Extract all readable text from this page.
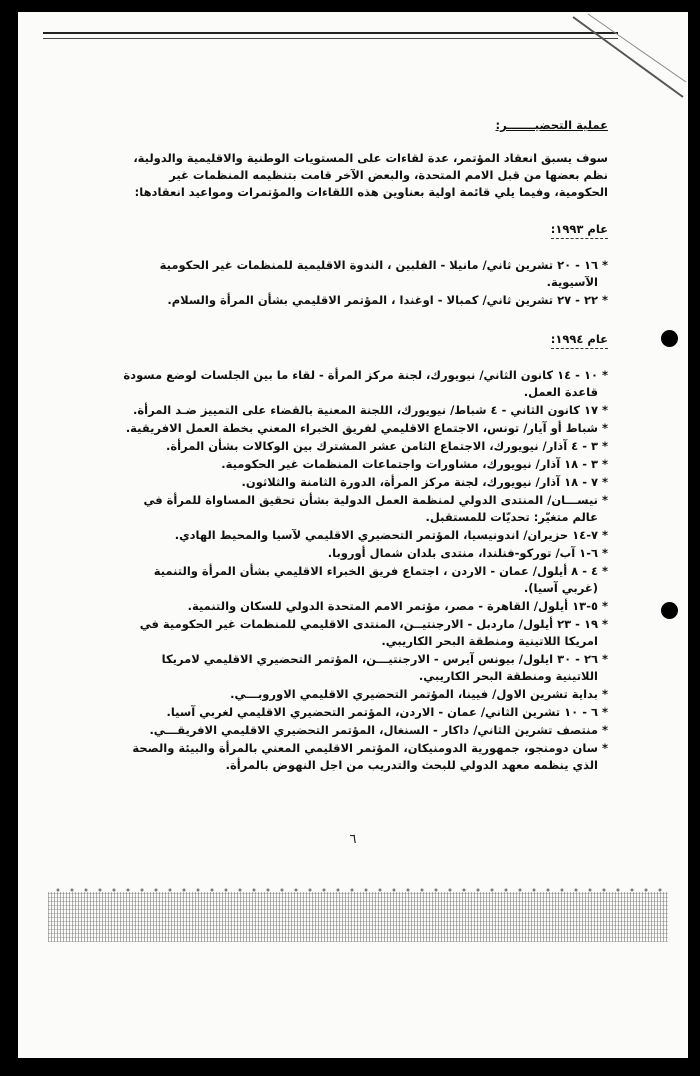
عملية التحضيـــــــر:

سوف يسبق انعقاد المؤتمر، عدة لقاءات على المستويات الوطنية والاقليمية والدولية، نظم بعضها من قبل الامم المتحدة، والبعض الآخر قامت بتنظيمه المنظمات غير الحكومية، وفيما يلي قائمة اولية بعناوين هذه اللقاءات والمؤتمرات ومواعيد انعقادها:

عام ١٩٩٣:
* ١٦ - ٢٠ تشرين ثاني/ مانيلا - الفلبين ، الندوة الاقليمية للمنظمات غير الحكومية الآسيوية.
* ٢٢ - ٢٧ تشرين ثاني/ كمبالا - اوغندا ، المؤتمر الاقليمي بشأن المرأة والسلام.
عام ١٩٩٤:
* ١٠ - ١٤ كانون الثاني/ نيويورك، لجنة مركز المرأة - لقاء ما بين الجلسات لوضع مسودة قاعدة العمل.
* ١٧ كانون الثاني - ٤ شباط/ نيويورك، اللجنة المعنية بالقضاء على التمييز ضـد المرأة.
* شباط أو آيار/ تونس، الاجتماع الاقليمي لفريق الخبراء المعني بخطة العمل الافريقية.
* ٣ - ٤ آذار/ نيويورك، الاجتماع الثامن عشر المشترك بين الوكالات بشأن المرأة.
* ٣ - ١٨ آذار/ نيويورك، مشاورات واجتماعات المنظمات غير الحكومية.
* ٧ - ١٨ آذار/ نيويورك، لجنة مركز المرأة، الدورة الثامنة والثلاثون.
* نيســـان/ المنتدى الدولي لمنظمة العمل الدولية بشأن تحقيق المساواة للمرأة في عالم متغيّر: تحديّات للمستقبل.
* ٧-١٤ حزيران/ اندونيسيا، المؤتمر التحضيري الاقليمي لآسيا والمحيط الهادي.
* ٦-١ آب/ توركو-فنلندا، منتدى بلدان شمال أوروبا.
* ٤ - ٨ أيلول/ عمان - الاردن ، اجتماع فريق الخبراء الاقليمي بشأن المرأة والتنمية (غربي آسيا).
* ٥-١٣ أيلول/ القاهرة - مصر، مؤتمر الامم المتحدة الدولي للسكان والتنمية.
* ١٩ - ٢٣ أيلول/ ماردبل - الارجنتيــن، المنتدى الاقليمي للمنظمات غير الحكومية في امريكا اللاتينية ومنطقة البحر الكاريبي.
* ٢٦ - ٣٠ ايلول/ بيونس آيرس - الارجنتيـــن، المؤتمر التحضيري الاقليمي لامريكا اللاتينية ومنطقة البحر الكاريبي.
* بداية تشرين الاول/ فيينا، المؤتمر التحضيري الاقليمي الاوروبـــي.
* ٦ - ١٠ تشرين الثاني/ عمان - الاردن، المؤتمر التحضيري الاقليمي لغربي آسيا.
* منتصف تشرين الثاني/ داكار - السنغال، المؤتمر التحضيري الاقليمي الافريقـــي.
* سان دومنجو، جمهورية الدومنيكان، المؤتمر الاقليمي المعني بالمرأة والبيئة والصحة الذي ينظمه معهد الدولي للبحث والتدريب من اجل النهوض بالمرأة.
٦
